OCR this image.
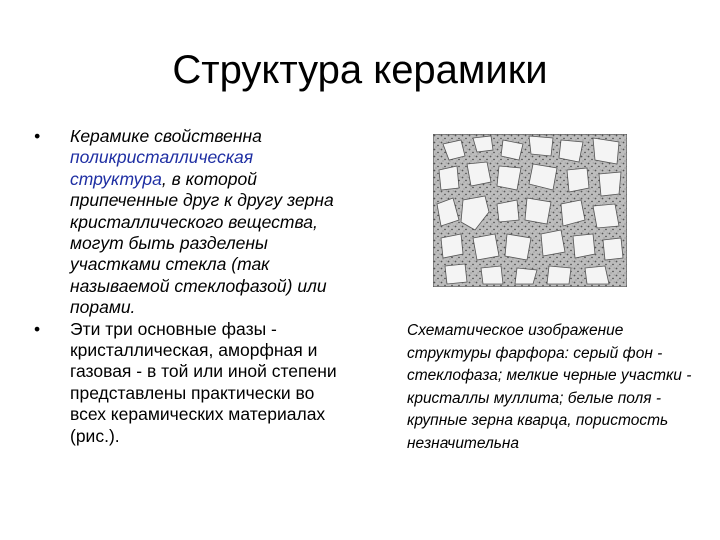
Структура керамики
• Керамике свойственна поликристаллическая структура, в которой припеченные друг к другу зерна кристаллического вещества, могут быть разделены участками стекла (так называемой стеклофазой) или порами.
• Эти три основные фазы - кристаллическая, аморфная и газовая - в той или иной степени представлены практически во всех керамических материалах (рис.).
Схематическое изображение структуры фарфора: серый фон - стеклофаза; мелкие черные участки - кристаллы муллита; белые поля - крупные зерна кварца, пористость незначительна
